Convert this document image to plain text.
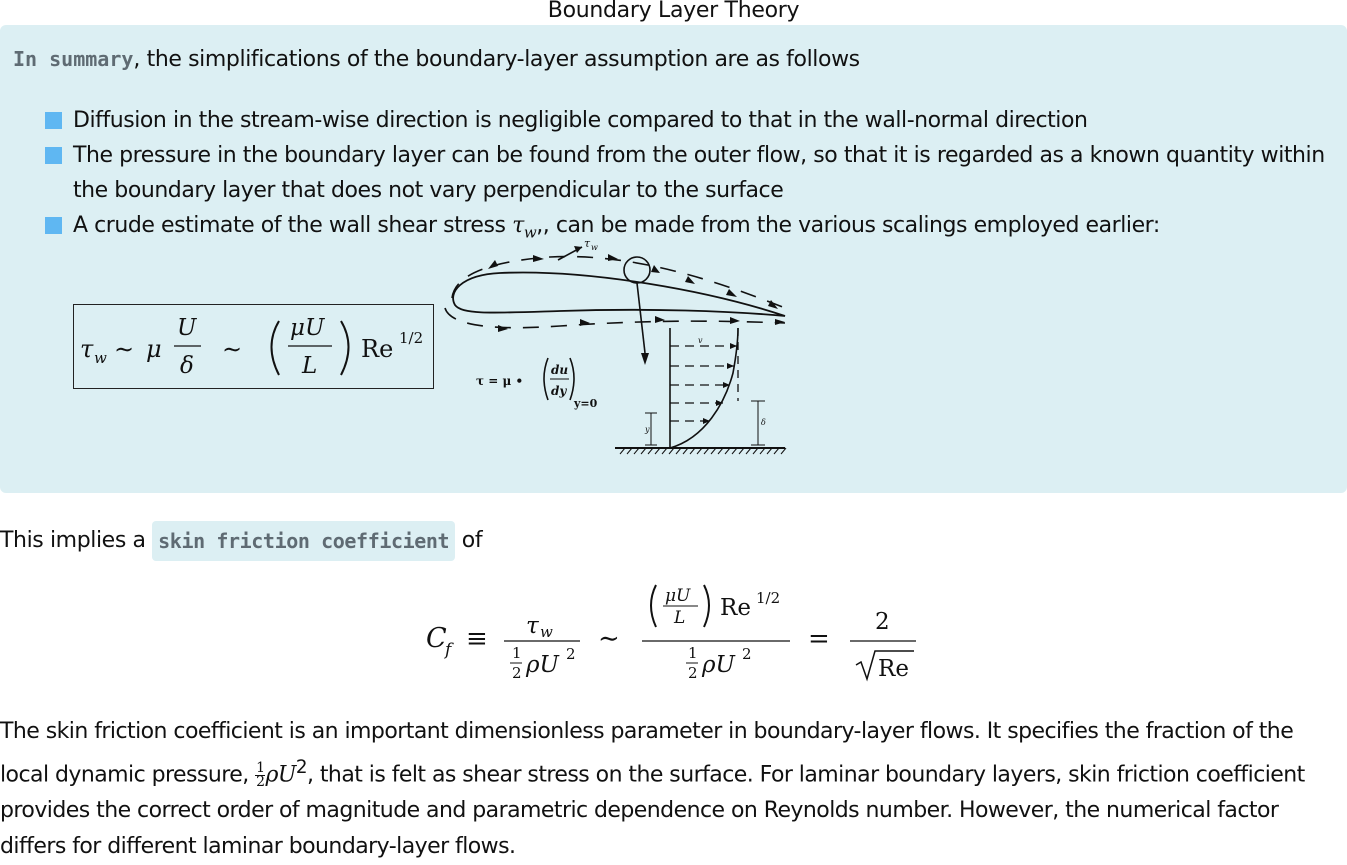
Boundary Layer Theory
In summary, the simplifications of the boundary-layer assumption are as follows
Diffusion in the stream-wise direction is negligible compared to that in the wall-normal direction
The pressure in the boundary layer can be found from the outer flow, so that it is regarded as a known quantity within the boundary layer that does not vary perpendicular to the surface
A crude estimate of the wall shear stress $\tau_w$,, can be made from the various scalings employed earlier:
τ w ∼ μ
U
δ
∼
μU
L
Re 1/2
τ w
τ = μ •
du
dy
y=0
v
y
δ
This implies a skin friction coefficient of
C
f ≡ τ w
1
2 ρU 2 ∼
μU
L Re 1/2
1
2 ρU 2 =
2
Re

The skin friction coefficient is an important dimensionless parameter in boundary-layer flows. It specifies the fraction of the local dynamic pressure, $\frac{1}{2} \rho U^2$, that is felt as shear stress on the surface. For laminar boundary layers, skin friction coefficient provides the correct order of magnitude and parametric dependence on Reynolds number. However, the numerical factor differs for different laminar boundary-layer flows.
